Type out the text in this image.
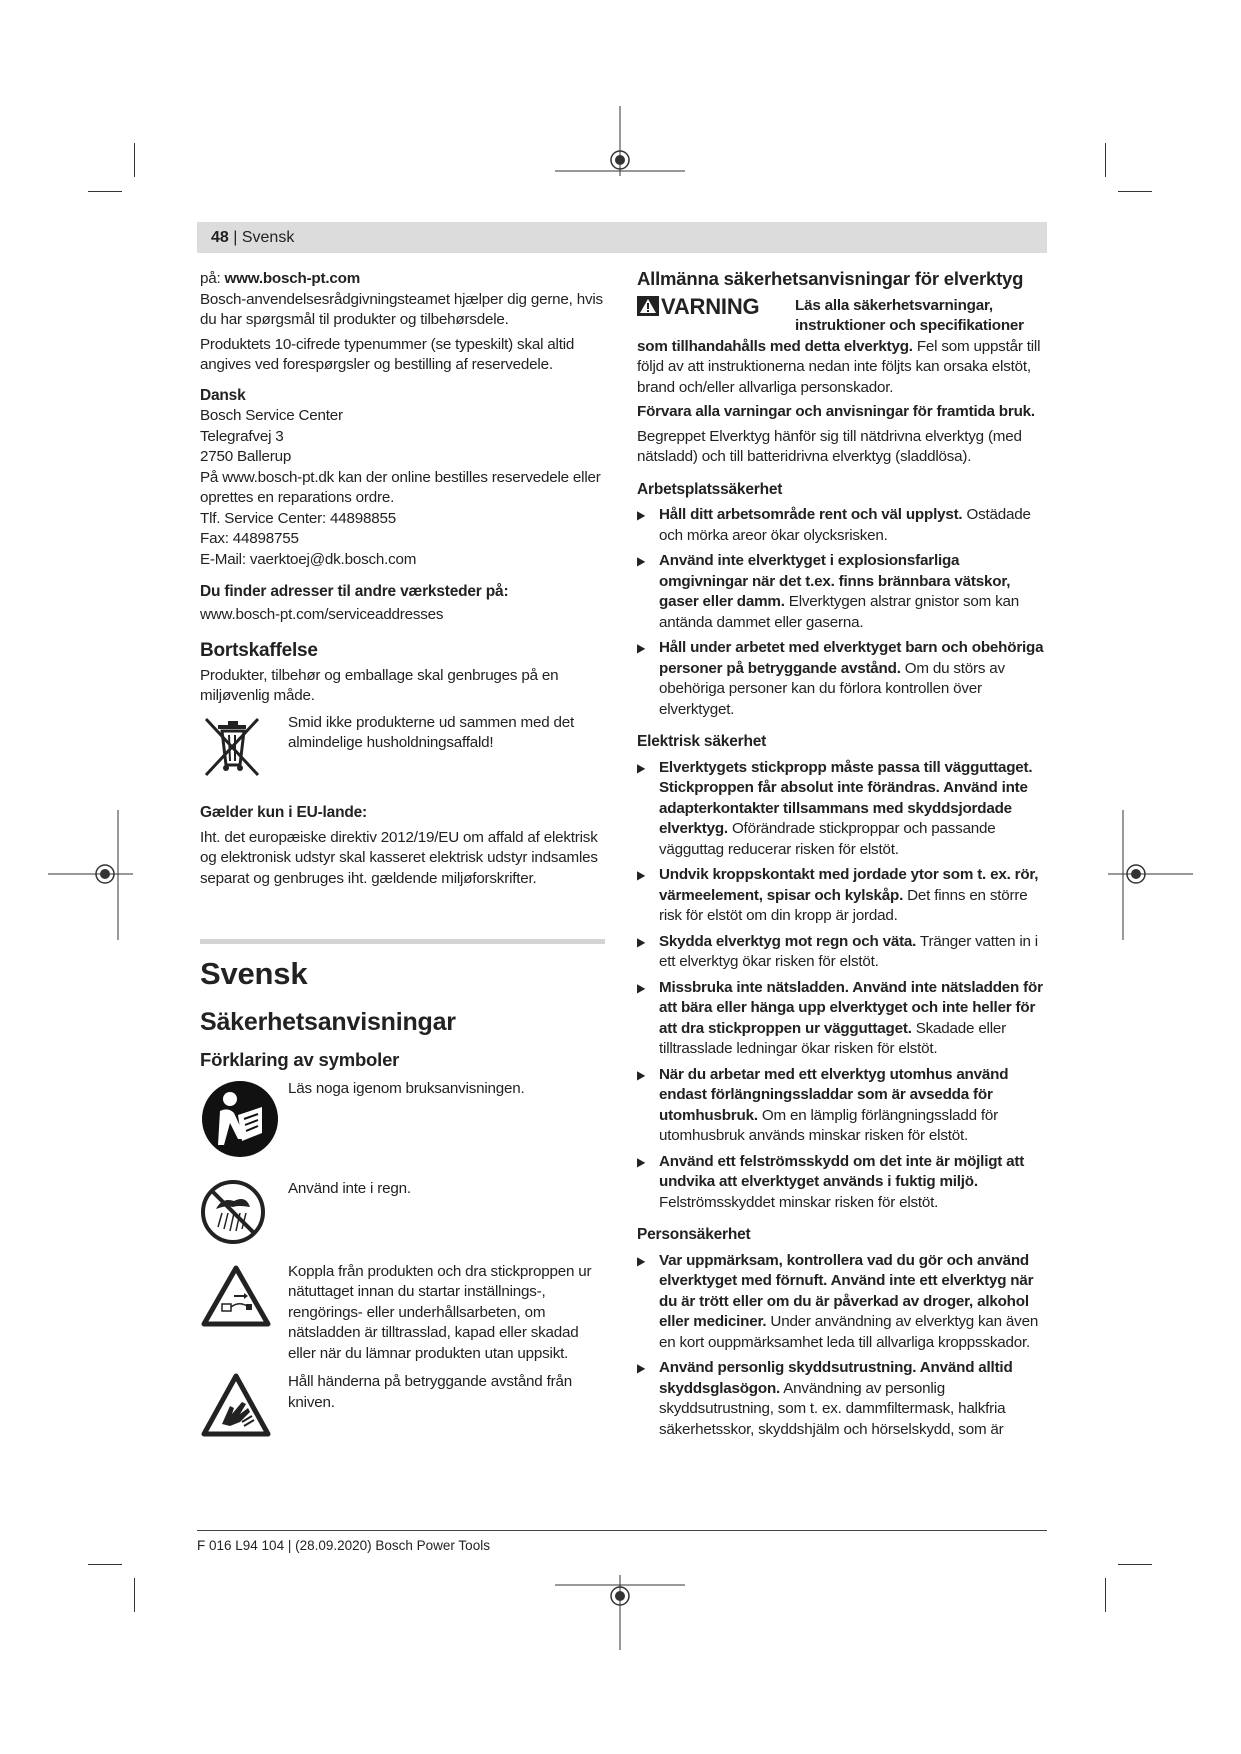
48 | Svensk

på: www.bosch-pt.com

Bosch-anvendelsesrådgivningsteamet hjælper dig gerne, hvis du har spørgsmål til produkter og tilbehørsdele.

Produktets 10-cifrede typenummer (se typeskilt) skal altid angives ved forespørgsler og bestilling af reservedele.

Dansk

Bosch Service Center

Telegrafvej 3

2750 Ballerup

På www.bosch-pt.dk kan der online bestilles reservedele eller oprettes en reparations ordre.

Tlf. Service Center: 44898855

Fax: 44898755

E-Mail: vaerktoej@dk.bosch.com

Du finder adresser til andre værksteder på:

www.bosch-pt.com/serviceaddresses

Bortskaffelse

Produkter, tilbehør og emballage skal genbruges på en miljøvenlig måde.

Smid ikke produkterne ud sammen med det almindelige husholdningsaffald!

Gælder kun i EU-lande:

Iht. det europæiske direktiv 2012/19/EU om affald af elektrisk og elektronisk udstyr skal kasseret elektrisk udstyr indsamles separat og genbruges iht. gældende miljøforskrifter.

Svensk

Säkerhetsanvisningar

Förklaring av symboler

Läs noga igenom bruksanvisningen.

Använd inte i regn.

Koppla från produkten och dra stickproppen ur nätuttaget innan du startar inställnings-, rengörings- eller underhållsarbeten, om nätsladden är tilltrasslad, kapad eller skadad eller när du lämnar produkten utan uppsikt.

Håll händerna på betryggande avstånd från kniven.

Allmänna säkerhetsanvisningar för elverktyg

VARNING Läs alla säkerhetsvarningar, instruktioner och specifikationer

som tillhandahålls med detta elverktyg. Fel som uppstår till följd av att instruktionerna nedan inte följts kan orsaka elstöt, brand och/eller allvarliga personskador.

Förvara alla varningar och anvisningar för framtida bruk.

Begreppet Elverktyg hänför sig till nätdrivna elverktyg (med nätsladd) och till batteridrivna elverktyg (sladdlösa).

Arbetsplatssäkerhet

▶ Håll ditt arbetsområde rent och väl upplyst. Ostädade och mörka areor ökar olycksrisken.

▶ Använd inte elverktyget i explosionsfarliga omgivningar när det t.ex. finns brännbara vätskor, gaser eller damm. Elverktygen alstrar gnistor som kan antända dammet eller gaserna.

▶ Håll under arbetet med elverktyget barn och obehöriga personer på betryggande avstånd. Om du störs av obehöriga personer kan du förlora kontrollen över elverktyget.

Elektrisk säkerhet

▶ Elverktygets stickpropp måste passa till vägguttaget. Stickproppen får absolut inte förändras. Använd inte adapterkontakter tillsammans med skyddsjordade elverktyg. Oförändrade stickproppar och passande vägguttag reducerar risken för elstöt.

▶ Undvik kroppskontakt med jordade ytor som t. ex. rör, värmeelement, spisar och kylskåp. Det finns en större risk för elstöt om din kropp är jordad.

▶ Skydda elverktyg mot regn och väta. Tränger vatten in i ett elverktyg ökar risken för elstöt.

▶ Missbruka inte nätsladden. Använd inte nätsladden för att bära eller hänga upp elverktyget och inte heller för att dra stickproppen ur vägguttaget. Skadade eller tilltrasslade ledningar ökar risken för elstöt.

▶ När du arbetar med ett elverktyg utomhus använd endast förlängningssladdar som är avsedda för utomhusbruk. Om en lämplig förlängningssladd för utomhusbruk används minskar risken för elstöt.

▶ Använd ett felströmsskydd om det inte är möjligt att undvika att elverktyget används i fuktig miljö. Felströmsskyddet minskar risken för elstöt.

Personsäkerhet

▶ Var uppmärksam, kontrollera vad du gör och använd elverktyget med förnuft. Använd inte ett elverktyg när du är trött eller om du är påverkad av droger, alkohol eller mediciner. Under användning av elverktyg kan även en kort ouppmärksamhet leda till allvarliga kroppsskador.

▶ Använd personlig skyddsutrustning. Använd alltid skyddsglasögon. Användning av personlig skyddsutrustning, som t. ex. dammfiltermask, halkfria säkerhetsskor, skyddshjälm och hörselskydd, som är

F 016 L94 104 | (28.09.2020) Bosch Power Tools
